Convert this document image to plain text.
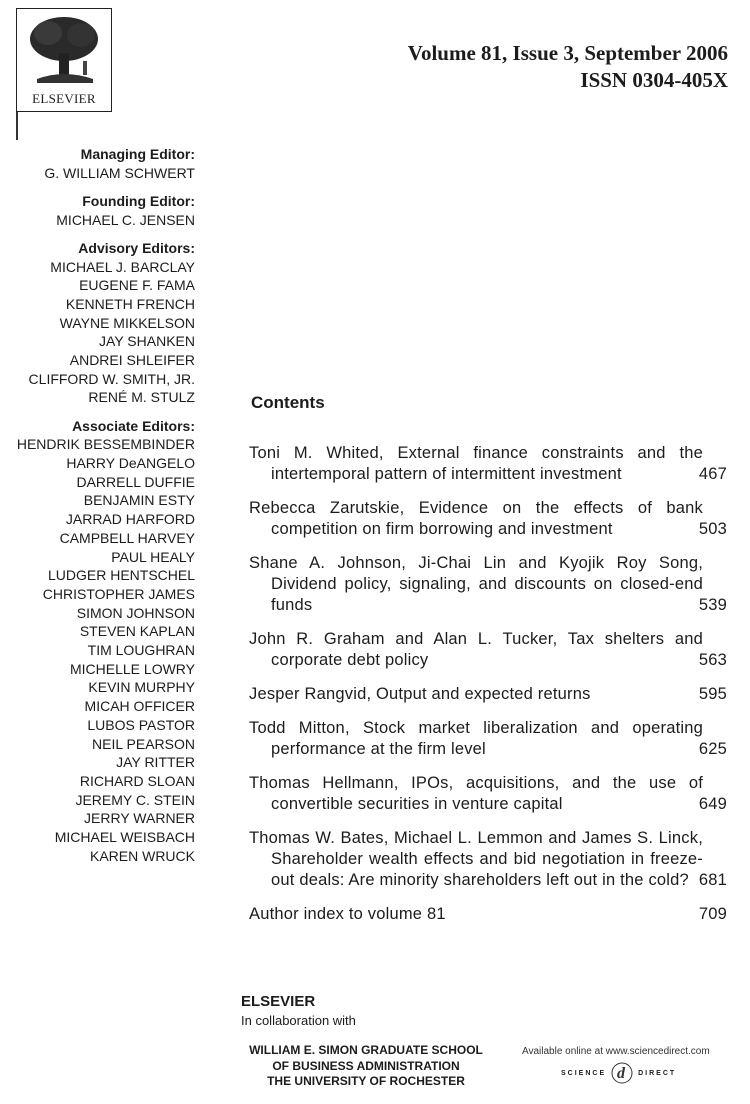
ELSEVIER
Volume 81, Issue 3, September 2006
ISSN 0304-405X
Managing Editor:
G. WILLIAM SCHWERT
Founding Editor:
MICHAEL C. JENSEN
Advisory Editors:
MICHAEL J. BARCLAY
EUGENE F. FAMA
KENNETH FRENCH
WAYNE MIKKELSON
JAY SHANKEN
ANDREI SHLEIFER
CLIFFORD W. SMITH, JR.
RENÉ M. STULZ
Associate Editors:
HENDRIK BESSEMBINDER
HARRY DeANGELO
DARRELL DUFFIE
BENJAMIN ESTY
JARRAD HARFORD
CAMPBELL HARVEY
PAUL HEALY
LUDGER HENTSCHEL
CHRISTOPHER JAMES
SIMON JOHNSON
STEVEN KAPLAN
TIM LOUGHRAN
MICHELLE LOWRY
KEVIN MURPHY
MICAH OFFICER
LUBOS PASTOR
NEIL PEARSON
JAY RITTER
RICHARD SLOAN
JEREMY C. STEIN
JERRY WARNER
MICHAEL WEISBACH
KAREN WRUCK
Contents
Toni M. Whited, External finance constraints and the intertemporal pattern of intermittent investment	467
Rebecca Zarutskie, Evidence on the effects of bank competition on firm borrowing and investment	503
Shane A. Johnson, Ji-Chai Lin and Kyojik Roy Song, Dividend policy, signaling, and discounts on closed-end funds	539
John R. Graham and Alan L. Tucker, Tax shelters and corporate debt policy	563
Jesper Rangvid, Output and expected returns	595
Todd Mitton, Stock market liberalization and operating performance at the firm level	625
Thomas Hellmann, IPOs, acquisitions, and the use of convertible securities in venture capital	649
Thomas W. Bates, Michael L. Lemmon and James S. Linck, Shareholder wealth effects and bid negotiation in freeze-out deals: Are minority shareholders left out in the cold? 681
Author index to volume 81	709
ELSEVIER
In collaboration with
WILLIAM E. SIMON GRADUATE SCHOOL
OF BUSINESS ADMINISTRATION
THE UNIVERSITY OF ROCHESTER
Available online at www.sciencedirect.com
SCIENCE d DIRECT
